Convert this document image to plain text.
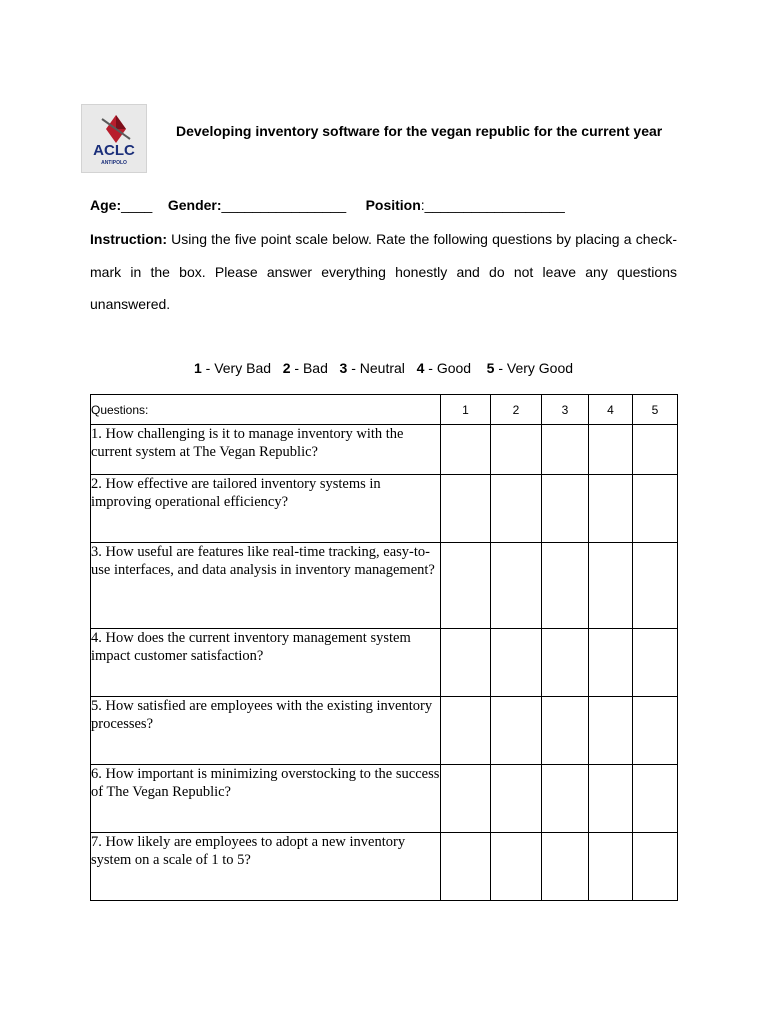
ACLC
ANTIPOLO
Developing inventory software for the vegan republic for the current year
Age:____ Gender:________________ Position:__________________
Instruction: Using the five point scale below. Rate the following questions by placing a check-mark in the box. Please answer everything honestly and do not leave any questions unanswered.
1 - Very Bad 2 - Bad 3 - Neutral 4 - Good 5 - Very Good
Questions:	1	2	3	4	5
1. How challenging is it to manage inventory with the current system at The Vegan Republic?					
2. How effective are tailored inventory systems in improving operational efficiency?					
3. How useful are features like real-time tracking, easy-to-use interfaces, and data analysis in inventory management?					
4. How does the current inventory management system impact customer satisfaction?					
5. How satisfied are employees with the existing inventory processes?					
6. How important is minimizing overstocking to the success of The Vegan Republic?					
7. How likely are employees to adopt a new inventory system on a scale of 1 to 5?					
